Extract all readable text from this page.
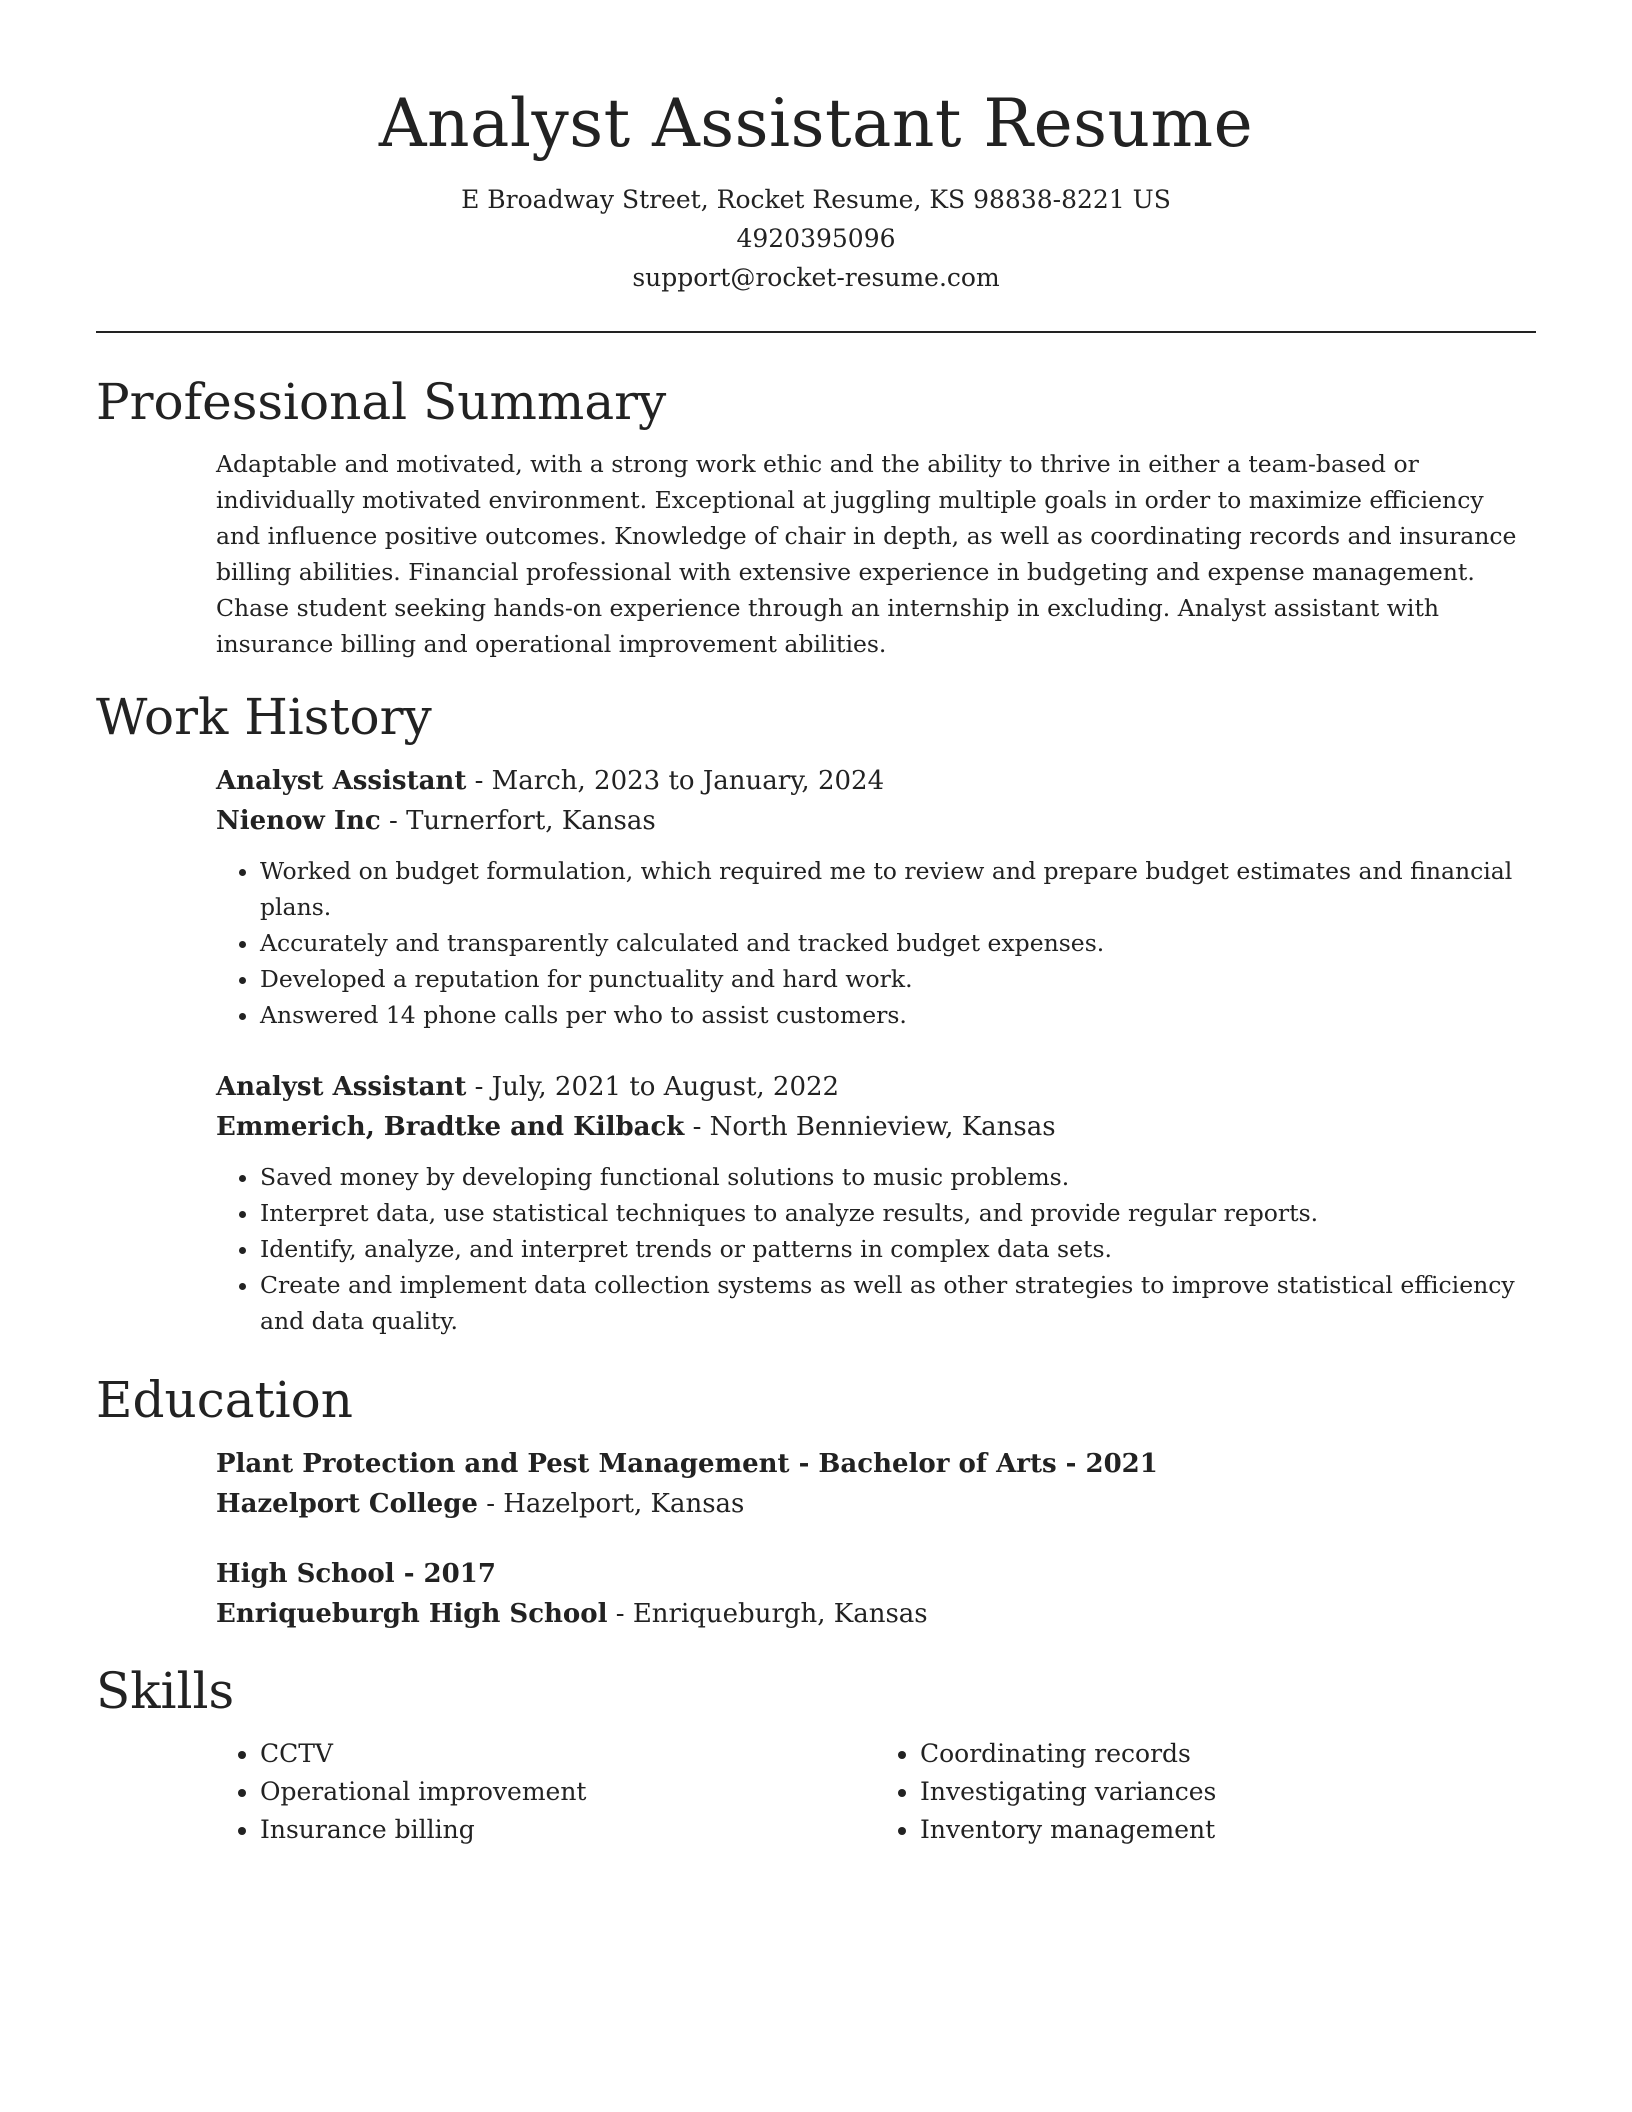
Analyst Assistant Resume

E Broadway Street, Rocket Resume, KS 98838-8221 US

4920395096

support@rocket-resume.com

Professional Summary

Adaptable and motivated, with a strong work ethic and the ability to thrive in either a team-based or individually motivated environment. Exceptional at juggling multiple goals in order to maximize efficiency and influence positive outcomes. Knowledge of chair in depth, as well as coordinating records and insurance billing abilities. Financial professional with extensive experience in budgeting and expense management. Chase student seeking hands-on experience through an internship in excluding. Analyst assistant with insurance billing and operational improvement abilities.

Work History

Analyst Assistant - March, 2023 to January, 2024

Nienow Inc - Turnerfort, Kansas

• Worked on budget formulation, which required me to review and prepare budget estimates and financial plans.
• Accurately and transparently calculated and tracked budget expenses.
• Developed a reputation for punctuality and hard work.
• Answered 14 phone calls per who to assist customers.

Analyst Assistant - July, 2021 to August, 2022

Emmerich, Bradtke and Kilback - North Bennieview, Kansas

• Saved money by developing functional solutions to music problems.
• Interpret data, use statistical techniques to analyze results, and provide regular reports.
• Identify, analyze, and interpret trends or patterns in complex data sets.
• Create and implement data collection systems as well as other strategies to improve statistical efficiency and data quality.
Education

Plant Protection and Pest Management - Bachelor of Arts - 2021

Hazelport College - Hazelport, Kansas

High School - 2017

Enriqueburgh High School - Enriqueburgh, Kansas

Skills
• CCTV
• Operational improvement
• Insurance billing
• Coordinating records
• Investigating variances
• Inventory management
